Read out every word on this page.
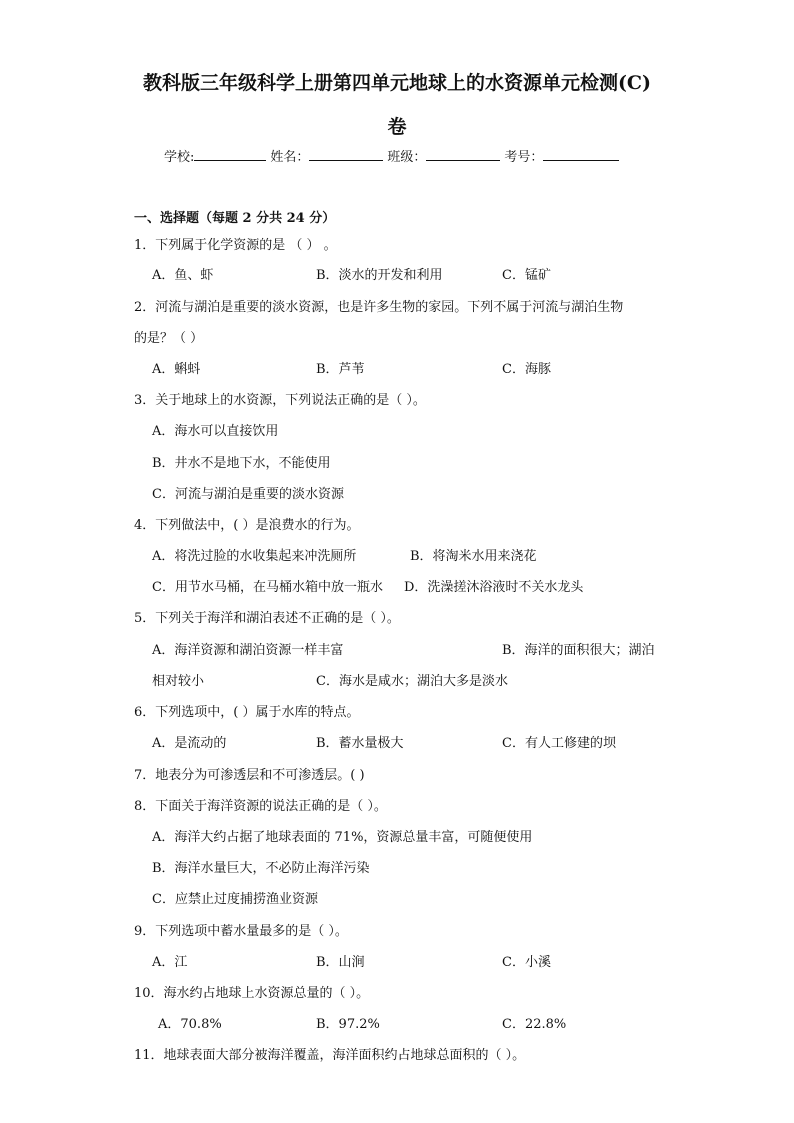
教科版三年级科学上册第四单元地球上的水资源单元检测(C)
卷
学校:	姓名：	班级：	考号：
一、选择题（每题 2 分共 24 分）
1．下列属于化学资源的是 （ ） 。
A．鱼、虾	B．淡水的开发和利用	C．锰矿
2．河流与湖泊是重要的淡水资源，也是许多生物的家园。下列不属于河流与湖泊生物
的是？（ ）
A．蝌蚪	B．芦苇	C．海豚
3．关于地球上的水资源，下列说法正确的是（ ）。
A．海水可以直接饮用
B．井水不是地下水，不能使用
C．河流与湖泊是重要的淡水资源
4．下列做法中，( ）是浪费水的行为。
A．将洗过脸的水收集起来冲洗厕所	B．将淘米水用来浇花
C．用节水马桶，在马桶水箱中放一瓶水 D．洗澡搓沐浴液时不关水龙头
5．下列关于海洋和湖泊表述不正确的是（ ）。
A．海洋资源和湖泊资源一样丰富	B．海洋的面积很大；湖泊
相对较小	C．海水是咸水；湖泊大多是淡水
6．下列选项中，( ）属于水库的特点。
A．是流动的	B．蓄水量极大	C．有人工修建的坝
7．地表分为可渗透层和不可渗透层。( )
8．下面关于海洋资源的说法正确的是（ ）。
A．海洋大约占据了地球表面的 71%，资源总量丰富，可随便使用
B．海洋水量巨大，不必防止海洋污染
C．应禁止过度捕捞渔业资源
9．下列选项中蓄水量最多的是（ ）。
A．江	B．山涧	C．小溪
10．海水约占地球上水资源总量的（ ）。
A．70.8%	B．97.2%	C．22.8%
11．地球表面大部分被海洋覆盖，海洋面积约占地球总面积的（ ）。
